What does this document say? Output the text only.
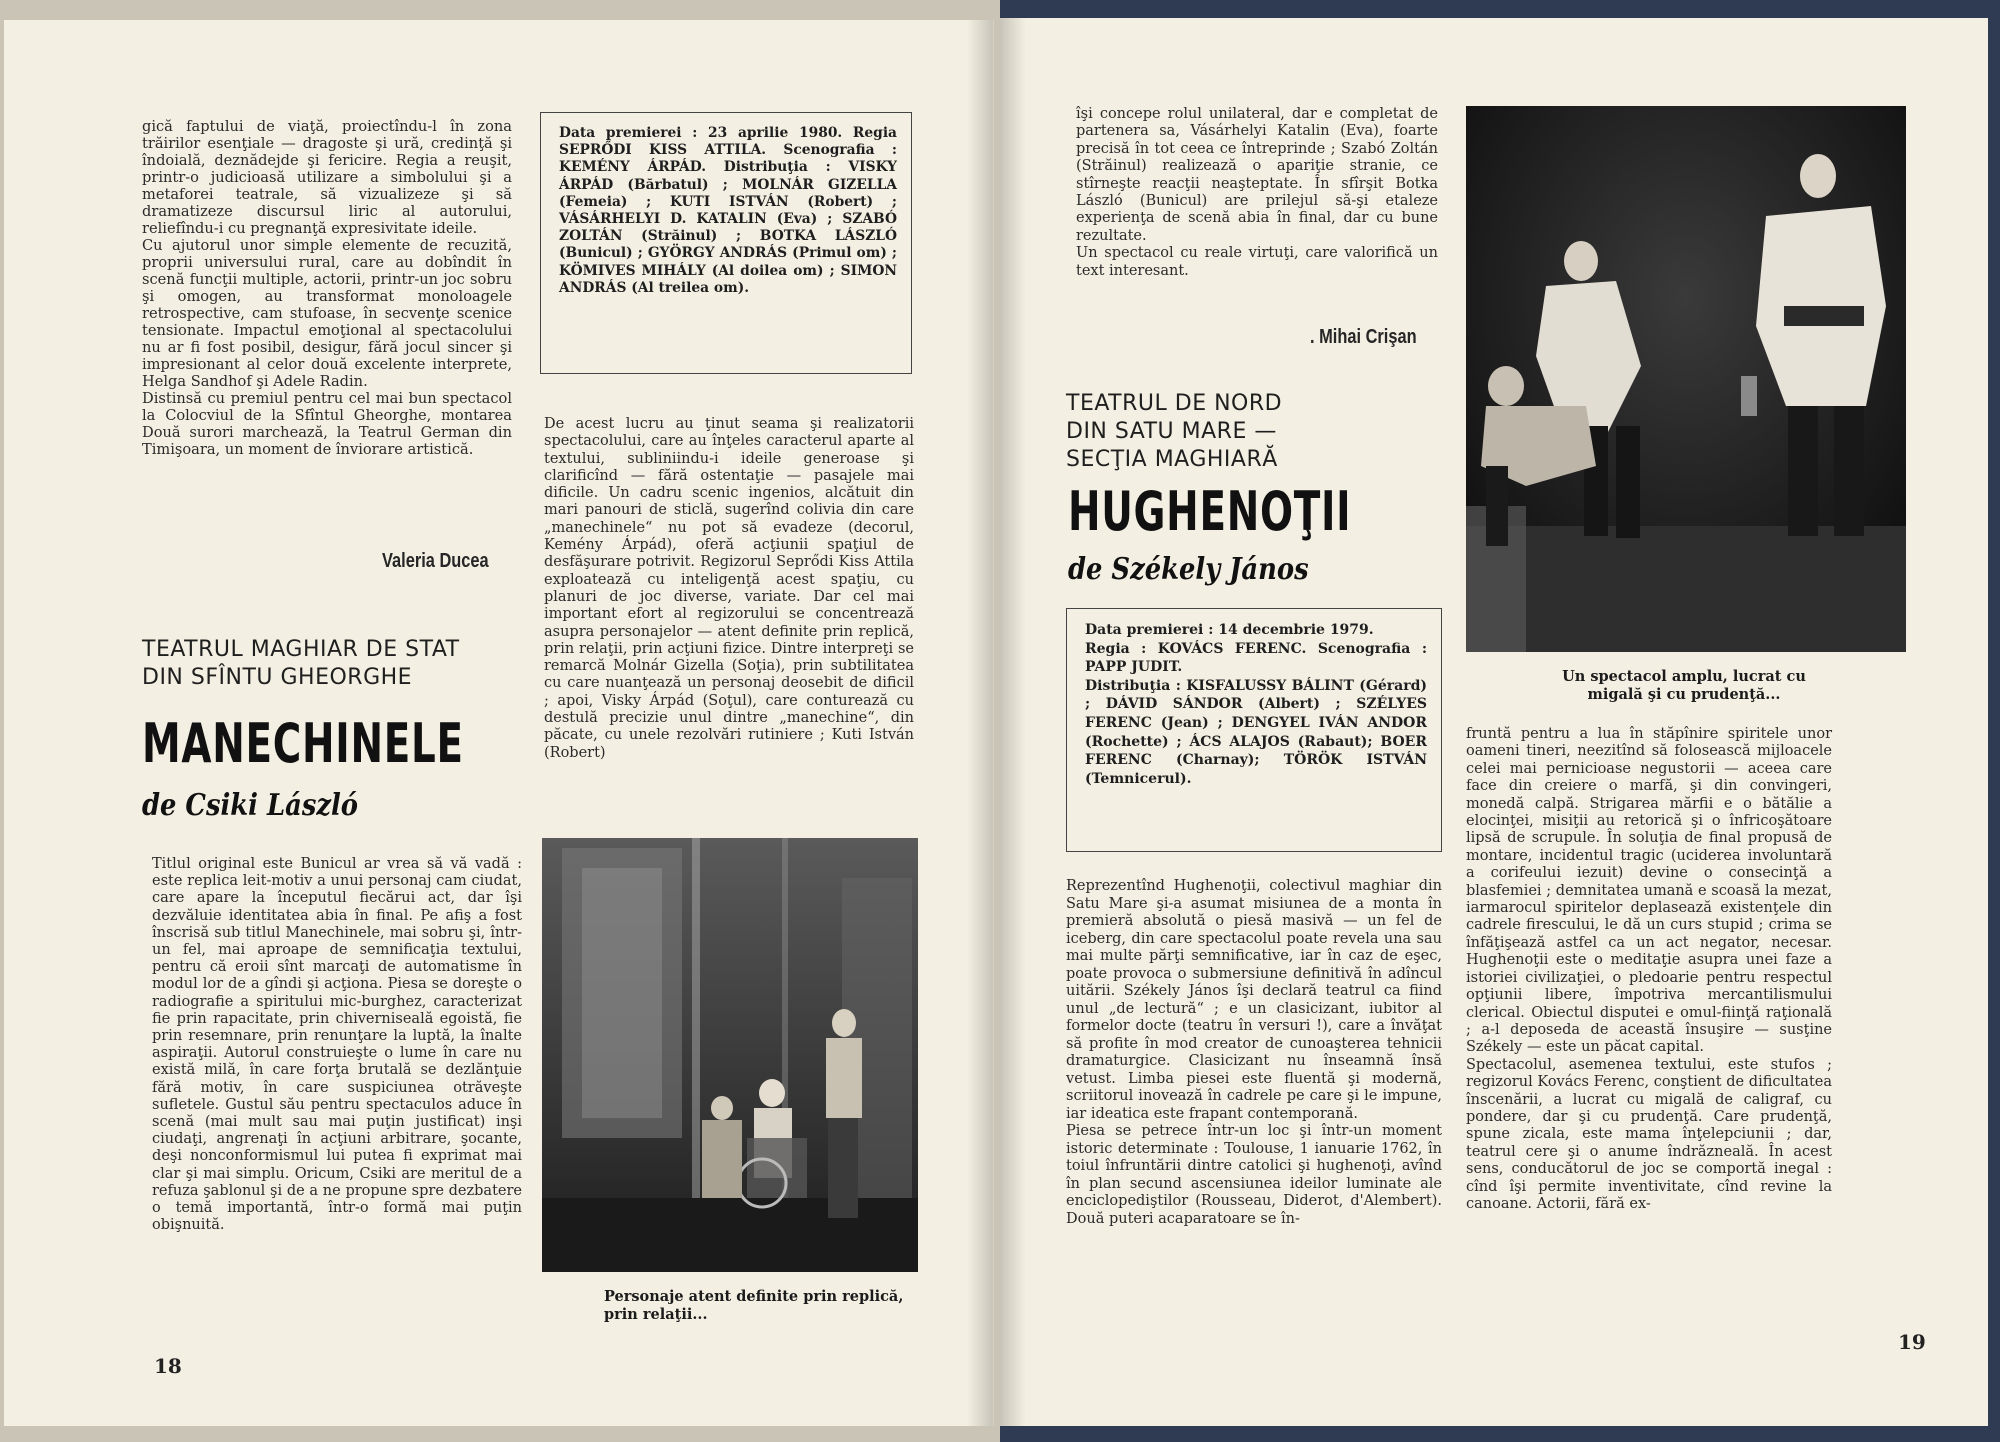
gică faptului de viaţă, proiectîndu-l în zona trăirilor esenţiale — dragoste şi ură, credinţă şi îndoială, deznădejde şi fericire. Regia a reuşit, printr-o judicioasă utilizare a simbolului şi a metaforei teatrale, să vizualizeze şi să dramatizeze discursul liric al autorului, reliefîndu-i cu pregnanţă expresivitate ideile.
Cu ajutorul unor simple elemente de recuzită, proprii universului rural, care au dobîndit în scenă funcţii multiple, actorii, printr-un joc sobru şi omogen, au transformat monoloagele retrospective, cam stufoase, în secvenţe scenice tensionate. Impactul emoţional al spectacolului nu ar fi fost posibil, desigur, fără jocul sincer şi impresionant al celor două excelente interprete, Helga Sandhof şi Adele Radin.
Distinsă cu premiul pentru cel mai bun spectacol la Colocviul de la Sfîntul Gheorghe, montarea Două surori marchează, la Teatrul German din Timişoara, un moment de înviorare artistică.
Valeria Ducea
TEATRUL MAGHIAR DE STAT
DIN SFÎNTU GHEORGHE
MANECHINELE
de Csiki László
Titlul original este Bunicul ar vrea să vă vadă : este replica leit-motiv a unui personaj cam ciudat, care apare la începutul fiecărui act, dar îşi dezvăluie identitatea abia în final. Pe afiş a fost înscrisă sub titlul Manechinele, mai sobru şi, într-un fel, mai aproape de semnificaţia textului, pentru că eroii sînt marcaţi de automatisme în modul lor de a gîndi şi acţiona. Piesa se doreşte o radiografie a spiritului mic-burghez, caracterizat fie prin rapacitate, prin chiverniseală egoistă, fie prin resemnare, prin renunţare la luptă, la înalte aspiraţii. Autorul construieşte o lume în care nu există milă, în care forţa brutală se dezlănţuie fără motiv, în care suspiciunea otrăveşte sufletele. Gustul său pentru spectaculos aduce în scenă (mai mult sau mai puţin justificat) inşi ciudaţi, angrenaţi în acţiuni arbitrare, şocante, deşi nonconformismul lui putea fi exprimat mai clar şi mai simplu. Oricum, Csiki are meritul de a refuza şablonul şi de a ne propune spre dezbatere o temă importantă, într-o formă mai puţin obişnuită.
Data premierei : 23 aprilie 1980. Regia SEPRŐDI KISS ATTILA. Scenografia : KEMÉNY ÁRPÁD. Distribuţia : VISKY ÁRPÁD (Bărbatul) ; MOLNÁR GIZELLA (Femeia) ; KUTI ISTVÁN (Robert) ; VÁSÁRHELYI D. KATALIN (Eva) ; SZABÓ ZOLTÁN (Străinul) ; BOTKA LÁSZLÓ (Bunicul) ; GYÖRGY ANDRÁS (Primul om) ; KÖMIVES MIHÁLY (Al doilea om) ; SIMON ANDRÁS (Al treilea om).
De acest lucru au ţinut seama şi realizatorii spectacolului, care au înţeles caracterul aparte al textului, subliniindu-i ideile generoase şi clarificînd — fără ostentaţie — pasajele mai dificile. Un cadru scenic ingenios, alcătuit din mari panouri de sticlă, sugerînd colivia din care „manechinele“ nu pot să evadeze (decorul, Kemény Árpád), oferă acţiunii spaţiul de desfăşurare potrivit. Regizorul Seprődi Kiss Attila exploatează cu inteligenţă acest spaţiu, cu planuri de joc diverse, variate. Dar cel mai important efort al regizorului se concentrează asupra personajelor — atent definite prin replică, prin relaţii, prin acţiuni fizice. Dintre interpreţi se remarcă Molnár Gizella (Soţia), prin subtilitatea cu care nuanţează un personaj deosebit de dificil ; apoi, Visky Árpád (Soţul), care conturează cu destulă precizie unul dintre „manechine“, din păcate, cu unele rezolvări rutiniere ; Kuti István (Robert)
Personaje atent definite prin replică,
prin relaţii...
18
îşi concepe rolul unilateral, dar e completat de partenera sa, Vásárhelyi Katalin (Eva), foarte precisă în tot ceea ce întreprinde ; Szabó Zoltán (Străinul) realizează o apariţie stranie, ce stîrneşte reacţii neaşteptate. În sfîrşit Botka László (Bunicul) are prilejul să-şi etaleze experienţa de scenă abia în final, dar cu bune rezultate.
Un spectacol cu reale virtuţi, care valorifică un text interesant.
. Mihai Crişan
TEATRUL DE NORD
DIN SATU MARE —
SECŢIA MAGHIARĂ
HUGHENOŢII
de Székely János
Data premierei : 14 decembrie 1979.
Regia : KOVÁCS FERENC. Scenografia : PAPP JUDIT.
Distribuţia : KISFALUSSY BÁLINT (Gérard) ; DÁVID SÁNDOR (Albert) ; SZÉLYES FERENC (Jean) ; DENGYEL IVÁN ANDOR (Rochette) ; ÁCS ALAJOS (Rabaut); BOER FERENC (Charnay); TÖRÖK ISTVÁN (Temnicerul).
Reprezentînd Hughenoţii, colectivul maghiar din Satu Mare şi-a asumat misiunea de a monta în premieră absolută o piesă masivă — un fel de iceberg, din care spectacolul poate revela una sau mai multe părţi semnificative, iar în caz de eşec, poate provoca o submersiune definitivă în adîncul uitării. Székely János îşi declară teatrul ca fiind unul „de lectură“ ; e un clasicizant, iubitor al formelor docte (teatru în versuri !), care a învăţat să profite în mod creator de cunoaşterea tehnicii dramaturgice. Clasicizant nu înseamnă însă vetust. Limba piesei este fluentă şi modernă, scriitorul inovează în cadrele pe care şi le impune, iar ideatica este frapant contemporană.
Piesa se petrece într-un loc şi într-un moment istoric determinate : Toulouse, 1 ianuarie 1762, în toiul înfruntării dintre catolici şi hughenoţi, avînd în plan secund ascensiunea ideilor luminate ale enciclopediştilor (Rousseau, Diderot, d'Alembert). Două puteri acaparatoare se în-
Un spectacol amplu, lucrat cu
migală şi cu prudenţă...
fruntă pentru a lua în stăpînire spiritele unor oameni tineri, neezitînd să folosească mijloacele celei mai pernicioase negustorii — aceea care face din creiere o marfă, şi din convingeri, monedă calpă. Strigarea mărfii e o bătălie a elocinţei, misiţii au retorică şi o înfricoşătoare lipsă de scrupule. În soluţia de final propusă de montare, incidentul tragic (uciderea involuntară a corifeului iezuit) devine o consecinţă a blasfemiei ; demnitatea umană e scoasă la mezat, iarmarocul spiritelor deplasează existenţele din cadrele firescului, le dă un curs stupid ; crima se înfăţişează astfel ca un act negator, necesar. Hughenoţii este o meditaţie asupra unei faze a istoriei civilizaţiei, o pledoarie pentru respectul opţiunii libere, împotriva mercantilismului clerical. Obiectul disputei e omul-fiinţă raţională ; a-l deposeda de această însuşire — susţine Székely — este un păcat capital.
Spectacolul, asemenea textului, este stufos ; regizorul Kovács Ferenc, conştient de dificultatea înscenării, a lucrat cu migală de caligraf, cu pondere, dar şi cu prudenţă. Care prudenţă, spune zicala, este mama înţelepciunii ; dar, teatrul cere şi o anume îndrăzneală. În acest sens, conducătorul de joc se comportă inegal : cînd îşi permite inventivitate, cînd revine la canoane. Actorii, fără ex-
19
